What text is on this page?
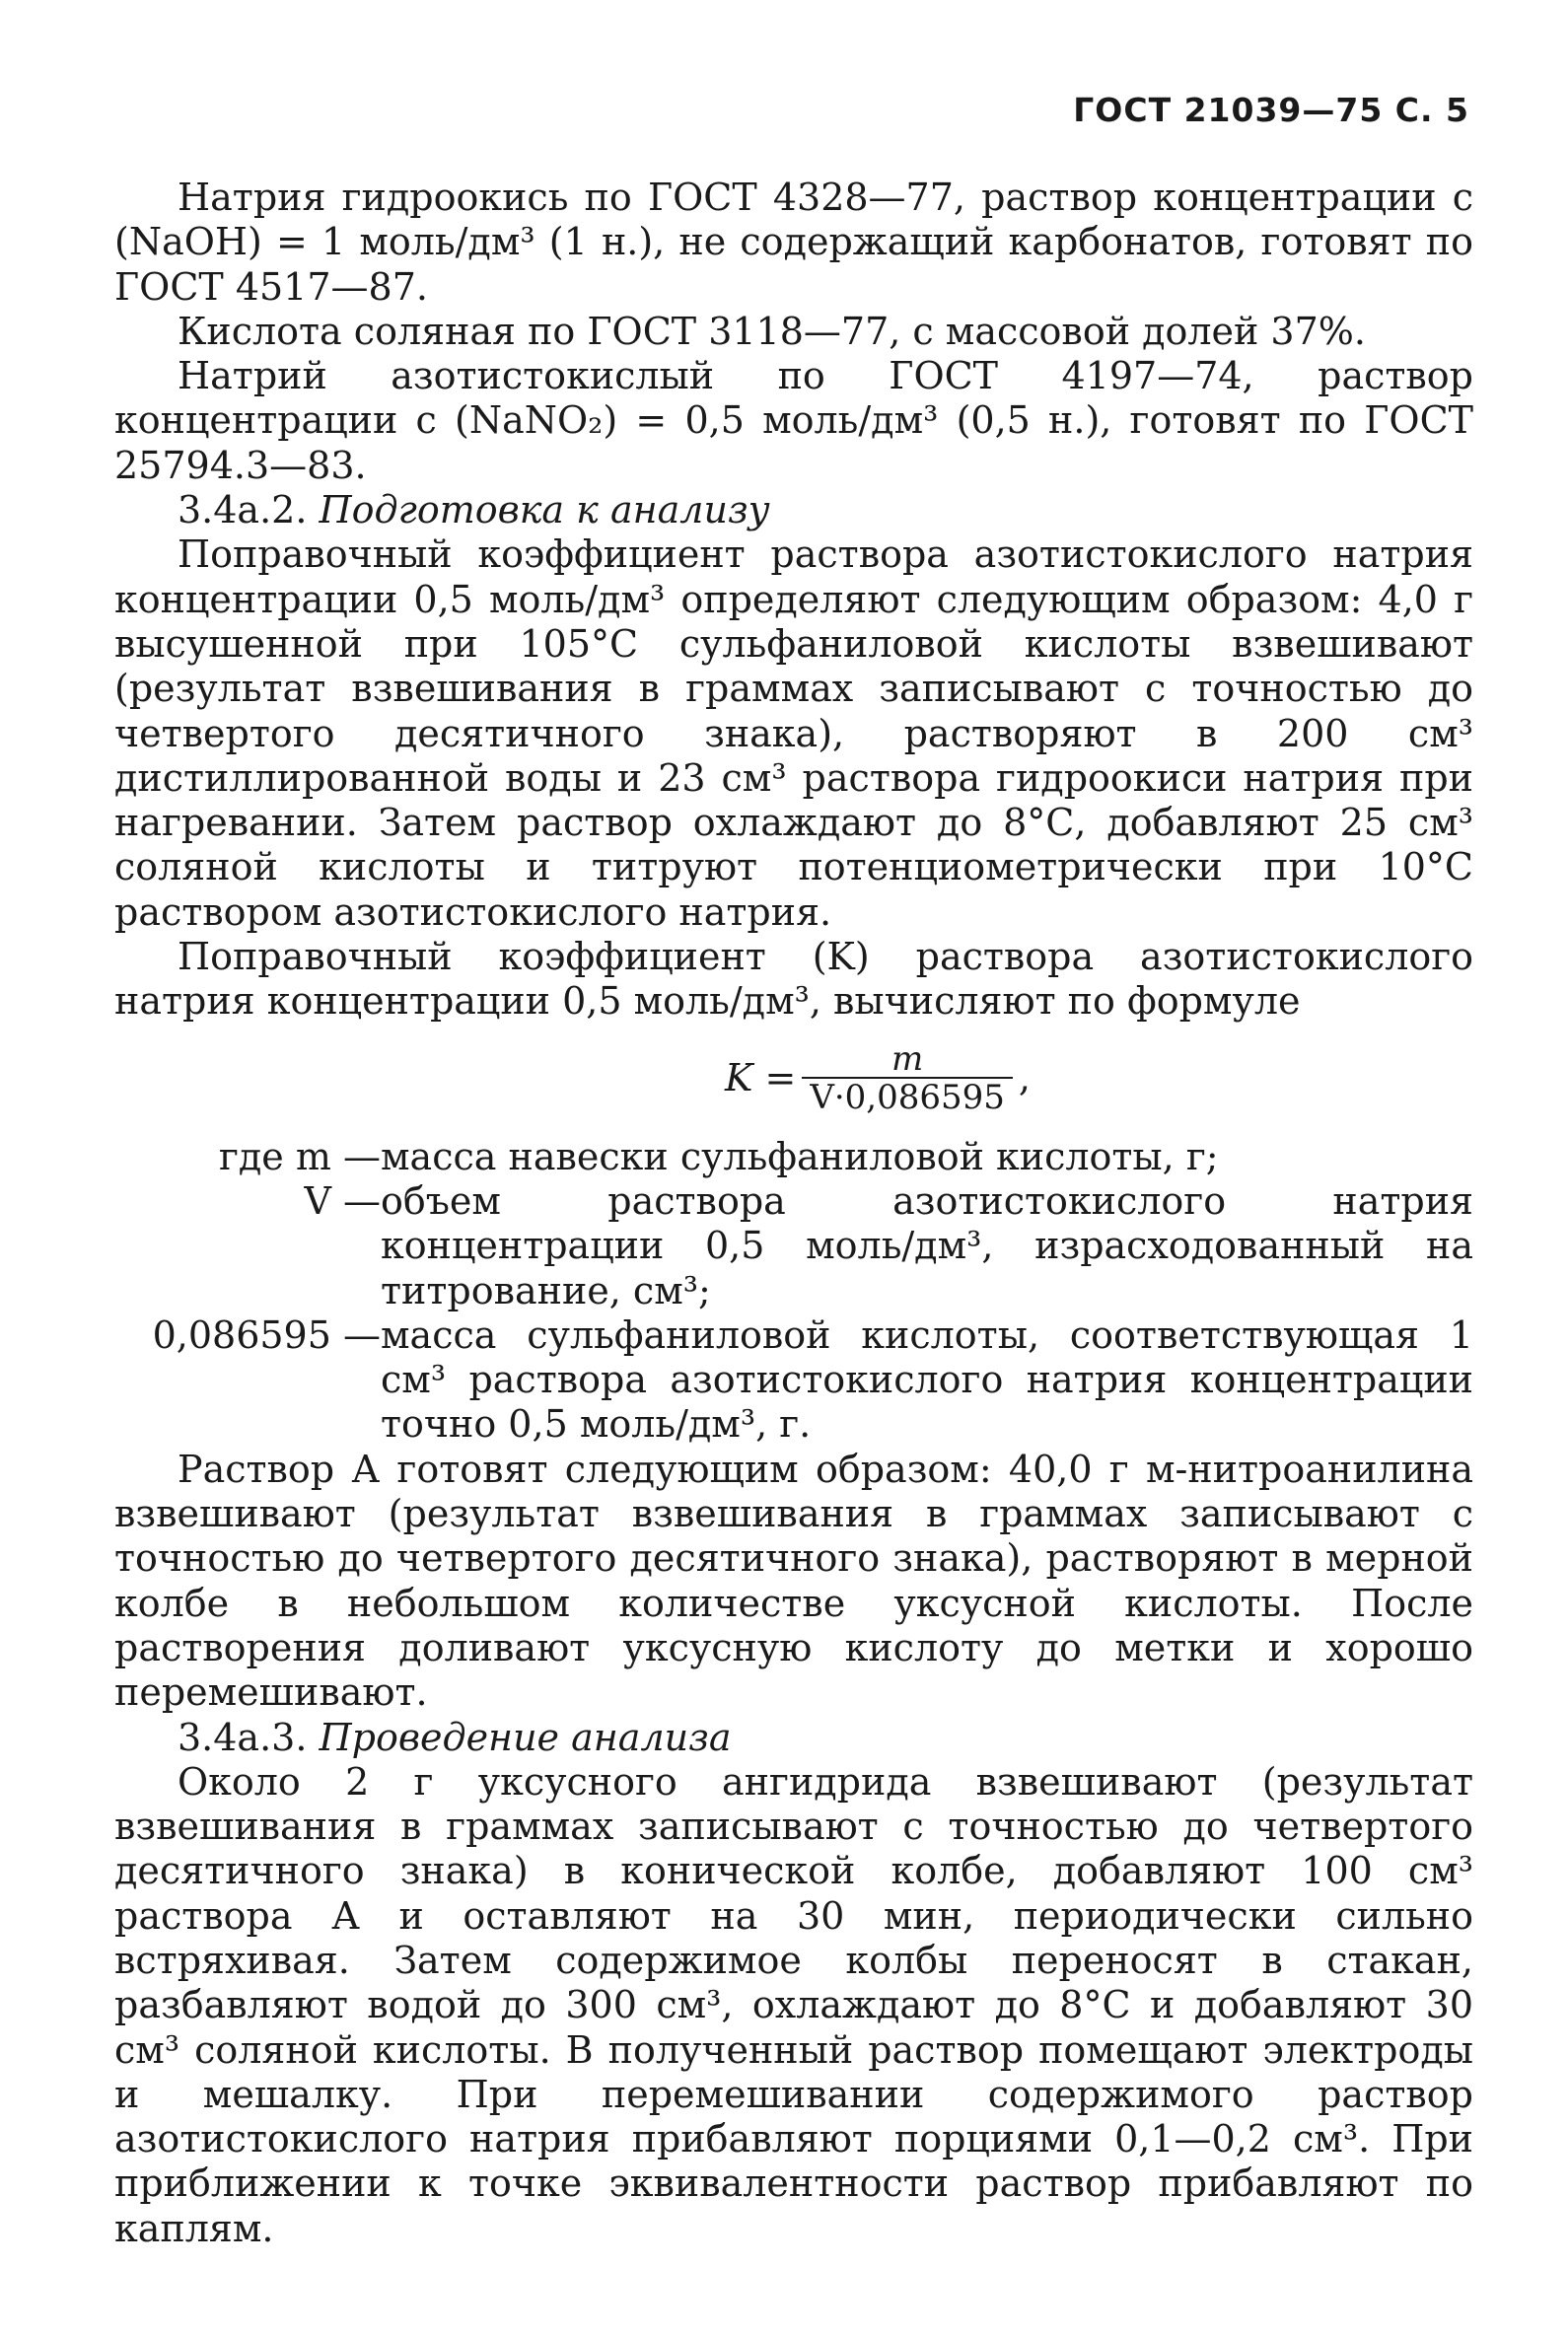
ГОСТ 21039—75 С. 5

Натрия гидроокись по ГОСТ 4328—77, раствор концентрации с (NaOH) = 1 моль/дм³ (1 н.), не содержащий карбонатов, готовят по ГОСТ 4517—87.

Кислота соляная по ГОСТ 3118—77, с массовой долей 37%.

Натрий азотистокислый по ГОСТ 4197—74, раствор концентрации с (NaNO₂) = 0,5 моль/дм³ (0,5 н.), готовят по ГОСТ 25794.3—83.

3.4а.2. Подготовка к анализу

Поправочный коэффициент раствора азотистокислого натрия концентрации 0,5 моль/дм³ определяют следующим образом: 4,0 г высушенной при 105°С сульфаниловой кислоты взвешивают (результат взвешивания в граммах записывают с точностью до четвертого десятичного знака), растворяют в 200 см³ дистиллированной воды и 23 см³ раствора гидроокиси натрия при нагревании. Затем раствор охлаждают до 8°С, добавляют 25 см³ соляной кислоты и титруют потенциометрически при 10°С раствором азотистокислого натрия.

Поправочный коэффициент (K) раствора азотистокислого натрия концентрации 0,5 моль/дм³, вычисляют по формуле

$K = \frac{m}{V\cdot 0,086595}$ ,
где m — масса навески сульфаниловой кислоты, г;
V — объем раствора азотистокислого натрия концентрации 0,5 моль/дм³, израсходованный на титрование, см³;
0,086595 — масса сульфаниловой кислоты, соответствующая 1 см³ раствора азотистокислого натрия концентрации точно 0,5 моль/дм³, г.

Раствор А готовят следующим образом: 40,0 г м-нитроанилина взвешивают (результат взвешивания в граммах записывают с точностью до четвертого десятичного знака), растворяют в мерной колбе в небольшом количестве уксусной кислоты. После растворения доливают уксусную кислоту до метки и хорошо перемешивают.

3.4а.3. Проведение анализа

Около 2 г уксусного ангидрида взвешивают (результат взвешивания в граммах записывают с точностью до четвертого десятичного знака) в конической колбе, добавляют 100 см³ раствора А и оставляют на 30 мин, периодически сильно встряхивая. Затем содержимое колбы переносят в стакан, разбавляют водой до 300 см³, охлаждают до 8°С и добавляют 30 см³ соляной кислоты. В полученный раствор помещают электроды и мешалку. При перемешивании содержимого раствор азотистокислого натрия прибавляют порциями 0,1—0,2 см³. При приближении к точке эквивалентности раствор прибавляют по каплям.
